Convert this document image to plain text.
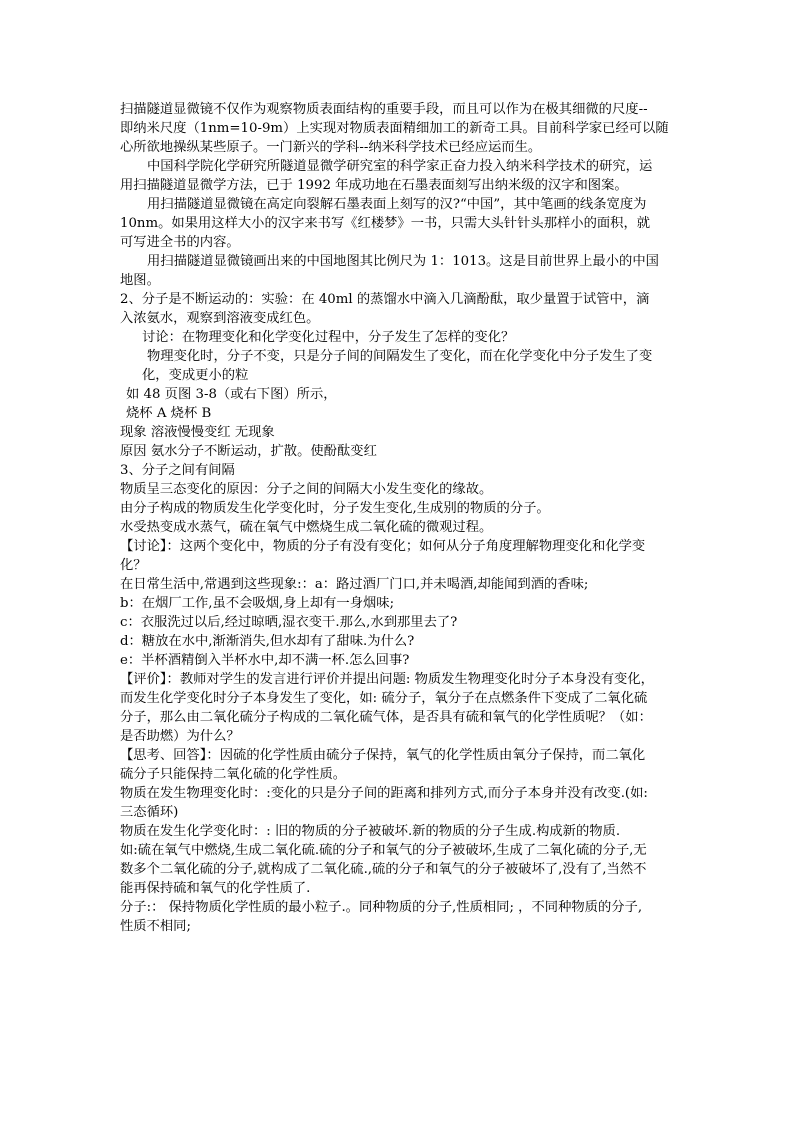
扫描隧道显微镜不仅作为观察物质表面结构的重要手段，而且可以作为在极其细微的尺度--
即纳米尺度（1nm=10-9m）上实现对物质表面精细加工的新奇工具。目前科学家已经可以随
心所欲地操纵某些原子。一门新兴的学科--纳米科学技术已经应运而生。
中国科学院化学研究所隧道显微学研究室的科学家正奋力投入纳米科学技术的研究，运
用扫描隧道显微学方法，已于 1992 年成功地在石墨表面刻写出纳米级的汉字和图案。
用扫描隧道显微镜在高定向裂解石墨表面上刻写的汉?“中国”，其中笔画的线条宽度为
10nm。如果用这样大小的汉字来书写《红楼梦》一书，只需大头针针头那样小的面积，就
可写进全书的内容。
用扫描隧道显微镜画出来的中国地图其比例尺为 1：1013。这是目前世界上最小的中国
地图。
2、分子是不断运动的：实验：在 40ml 的蒸馏水中滴入几滴酚酞，取少量置于试管中，滴
入浓氨水，观察到溶液变成红色。
讨论：在物理变化和化学变化过程中，分子发生了怎样的变化？
物理变化时，分子不变，只是分子间的间隔发生了变化，而在化学变化中分子发生了变
化，变成更小的粒
如 48 页图 3-8（或右下图）所示，
烧杯 A 烧杯 B
现象 溶液慢慢变红 无现象
原因 氨水分子不断运动，扩散。使酚酞变红
3、分子之间有间隔
物质呈三态变化的原因：分子之间的间隔大小发生变化的缘故。
由分子构成的物质发生化学变化时，分子发生变化,生成别的物质的分子。
水受热变成水蒸气，硫在氧气中燃烧生成二氧化硫的微观过程。
【讨论】：这两个变化中，物质的分子有没有变化；如何从分子角度理解物理变化和化学变
化？
在日常生活中,常遇到这些现象:：a：路过酒厂门口,并未喝酒,却能闻到酒的香味;
b：在烟厂工作,虽不会吸烟,身上却有一身烟味;
c：衣服洗过以后,经过晾晒,湿衣变干.那么,水到那里去了?
d：糖放在水中,渐渐消失,但水却有了甜味.为什么?
e：半杯酒精倒入半杯水中,却不满一杯.怎么回事?
【评价】：教师对学生的发言进行评价并提出问题: 物质发生物理变化时分子本身没有变化，
而发生化学变化时分子本身发生了变化，如: 硫分子，氧分子在点燃条件下变成了二氧化硫
分子，那么由二氧化硫分子构成的二氧化硫气体，是否具有硫和氧气的化学性质呢？（如：
是否助燃）为什么？
【思考、回答】：因硫的化学性质由硫分子保持，氧气的化学性质由氧分子保持，而二氧化
硫分子只能保持二氧化硫的化学性质。
物质在发生物理变化时：:变化的只是分子间的距离和排列方式,而分子本身并没有改变.(如:
三态循环)
物质在发生化学变化时：: 旧的物质的分子被破坏.新的物质的分子生成.构成新的物质.
如:硫在氧气中燃烧,生成二氧化硫.硫的分子和氧气的分子被破坏,生成了二氧化硫的分子,无
数多个二氧化硫的分子,就构成了二氧化硫.,硫的分子和氧气的分子被破坏了,没有了,当然不
能再保持硫和氧气的化学性质了.
分子:： 保持物质化学性质的最小粒子.。同种物质的分子,性质相同; ，不同种物质的分子,
性质不相同;
